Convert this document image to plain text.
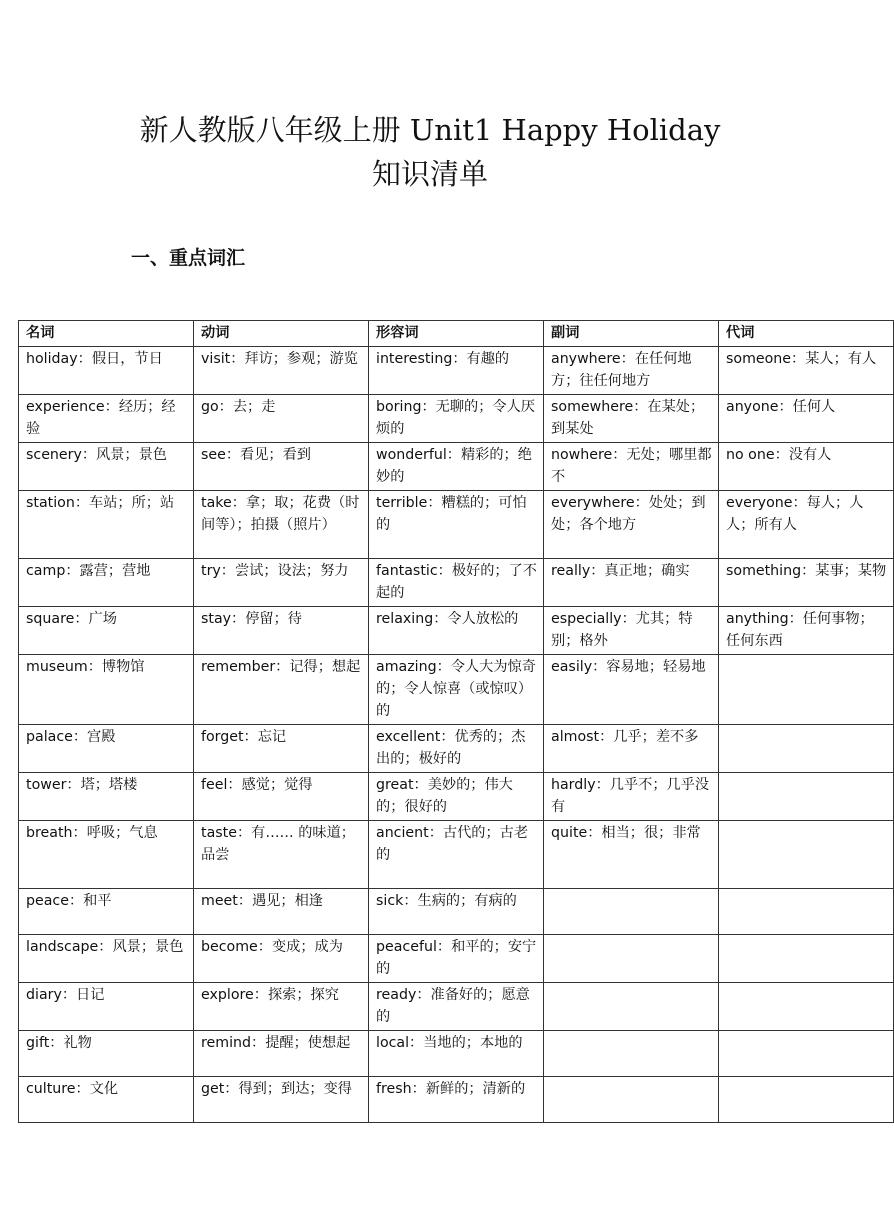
新人教版八年级上册 Unit1 Happy Holiday
知识清单
一、重点词汇
名词	动词	形容词	副词	代词
holiday：假日，节日	visit：拜访；参观；游览	interesting：有趣的	anywhere：在任何地方；往任何地方	someone：某人；有人
experience：经历；经验	go：去；走	boring：无聊的；令人厌烦的	somewhere：在某处；到某处	anyone：任何人
scenery：风景；景色	see：看见；看到	wonderful：精彩的；绝妙的	nowhere：无处；哪里都不	no one：没有人
station：车站；所；站	take：拿；取；花费（时间等）；拍摄（照片）	terrible：糟糕的；可怕的	everywhere：处处；到处；各个地方	everyone：每人；人人；所有人
camp：露营；营地	try：尝试；设法；努力	fantastic：极好的；了不起的	really：真正地；确实	something：某事；某物
square：广场	stay：停留；待	relaxing：令人放松的	especially：尤其；特别；格外	anything：任何事物；任何东西
museum：博物馆	remember：记得；想起	amazing：令人大为惊奇的；令人惊喜（或惊叹）的	easily：容易地；轻易地	
palace：宫殿	forget：忘记	excellent：优秀的；杰出的；极好的	almost：几乎；差不多	
tower：塔；塔楼	feel：感觉；觉得	great：美妙的；伟大的；很好的	hardly：几乎不；几乎没有	
breath：呼吸；气息	taste：有…… 的味道；品尝	ancient：古代的；古老的	quite：相当；很；非常	
peace：和平	meet：遇见；相逢	sick：生病的；有病的		
landscape：风景；景色	become：变成；成为	peaceful：和平的；安宁的		
diary：日记	explore：探索；探究	ready：准备好的；愿意的		
gift：礼物	remind：提醒；使想起	local：当地的；本地的		
culture：文化	get：得到；到达；变得	fresh：新鲜的；清新的		
